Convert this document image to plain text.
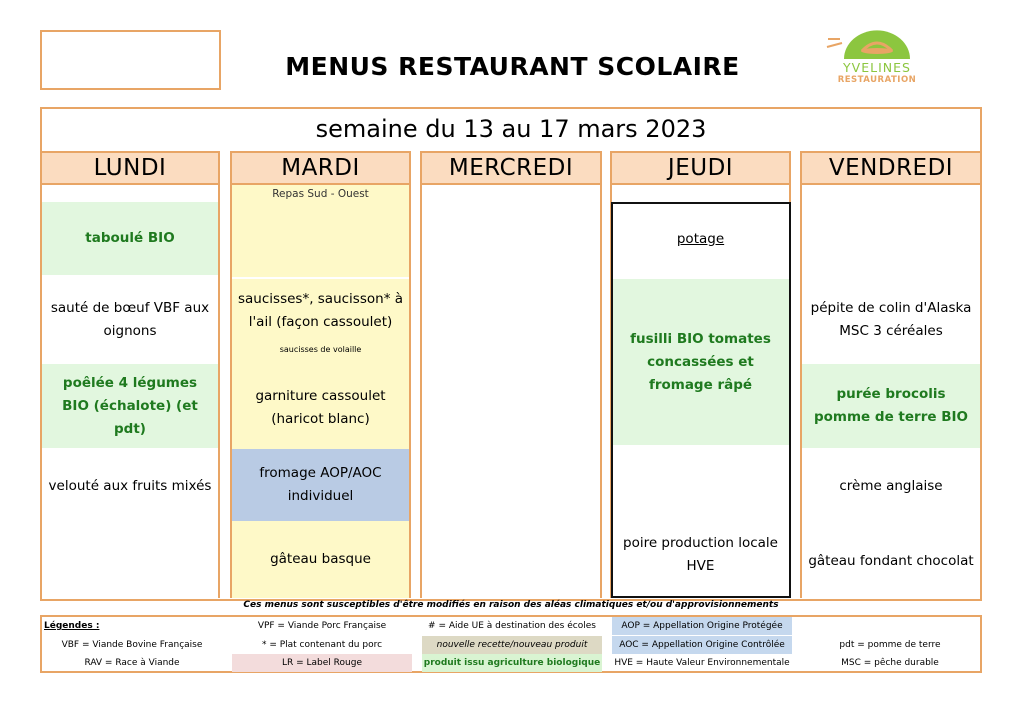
MENUS RESTAURANT SCOLAIRE	YVELINES
RESTAURATION
semaine du 13 au 17 mars 2023
LUNDI
taboulé BIO
sauté de bœuf VBF aux oignons
poêlée 4 légumes BIO (échalote) (et pdt)
velouté aux fruits mixés
MARDI
Repas Sud - Ouest
saucisses*, saucisson* à l'ail (façon cassoulet)
saucisses de volaille
garniture cassoulet (haricot blanc)
fromage AOP/AOC individuel
gâteau basque
MERCREDI	JEUDI
potage
fusilli BIO tomates concassées et fromage râpé
poire production locale HVE
VENDREDI
pépite de colin d'Alaska MSC 3 céréales
purée brocolis pomme de terre BIO
crème anglaise
gâteau fondant chocolat
Ces menus sont susceptibles d'être modifiés en raison des aléas climatiques et/ou d'approvisionnements
Légendes :
VBF = Viande Bovine Française
RAV = Race à Viande
VPF = Viande Porc Française
* = Plat contenant du porc
LR = Label Rouge
# = Aide UE à destination des écoles
nouvelle recette/nouveau produit
produit issu agriculture biologique
AOP = Appellation Origine Protégée
AOC = Appellation Origine Contrôlée
HVE = Haute Valeur Environnementale
pdt = pomme de terre
MSC = pêche durable
